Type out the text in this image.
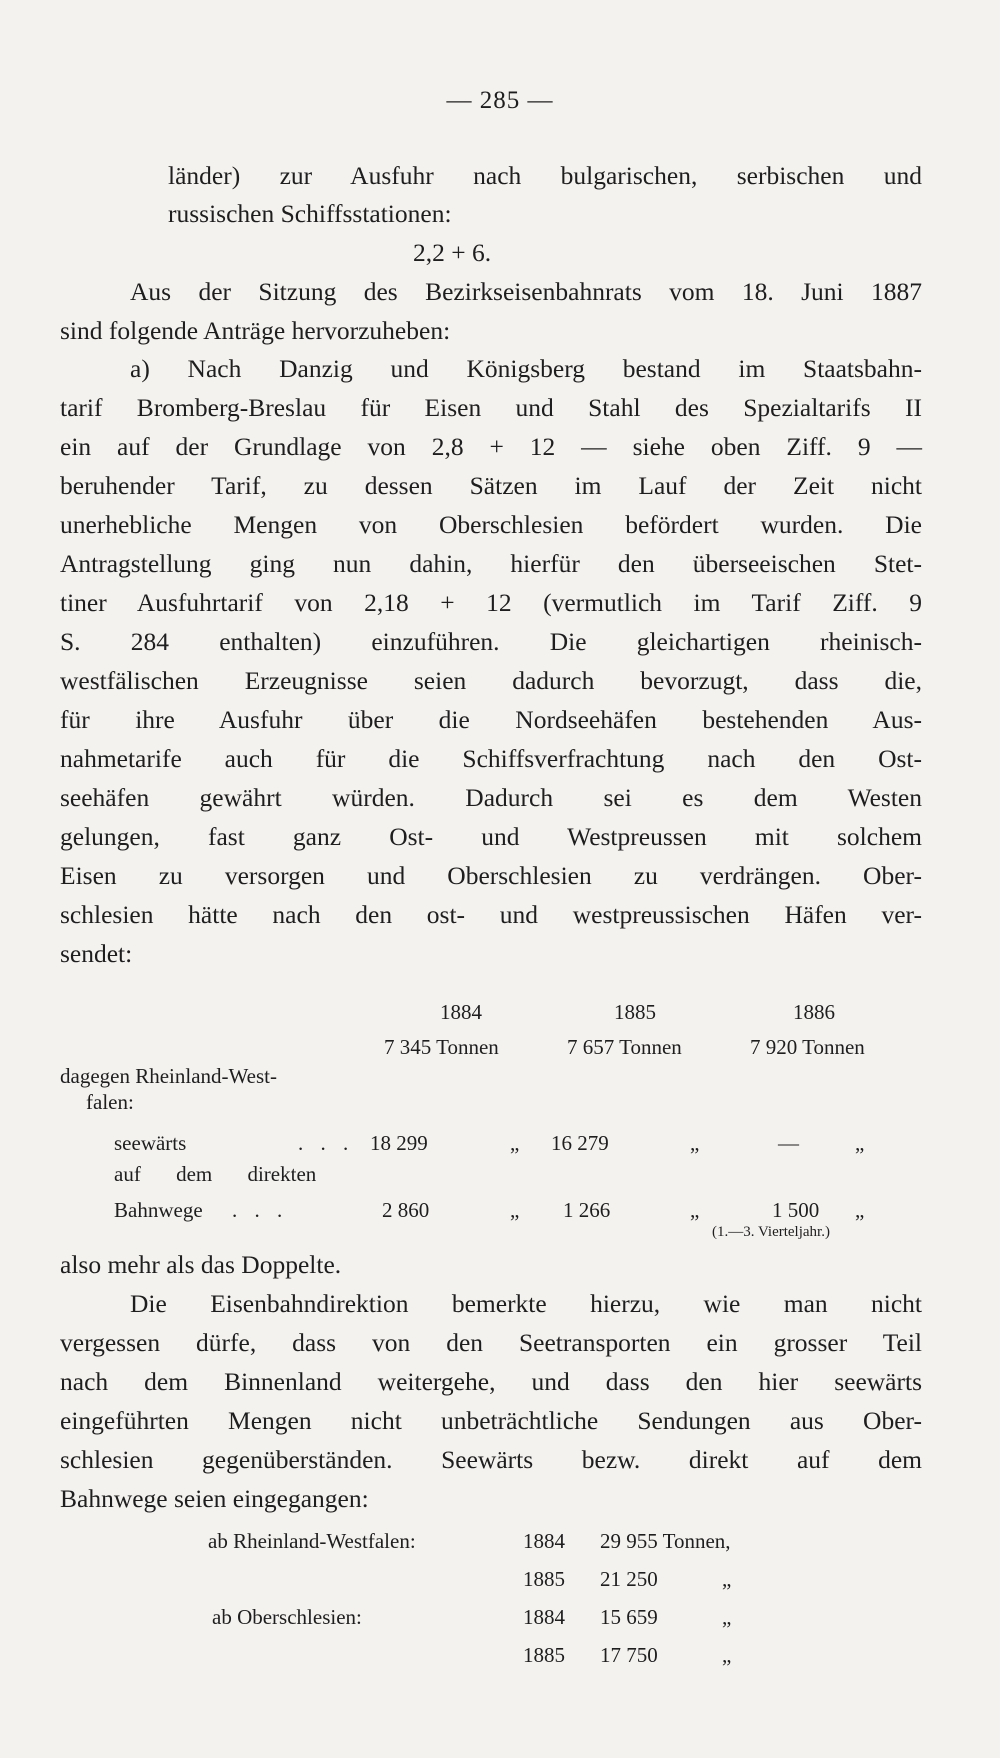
— 285 —
länder) zur Ausfuhr nach bulgarischen, serbischen und
russischen Schiffsstationen:
2,2 + 6.
Aus der Sitzung des Bezirkseisenbahnrats vom 18. Juni 1887
sind folgende Anträge hervorzuheben:
a) Nach Danzig und Königsberg bestand im Staatsbahn-
tarif Bromberg-Breslau für Eisen und Stahl des Spezialtarifs II
ein auf der Grundlage von 2,8 + 12 — siehe oben Ziff. 9 —
beruhender Tarif, zu dessen Sätzen im Lauf der Zeit nicht
unerhebliche Mengen von Oberschlesien befördert wurden. Die
Antragstellung ging nun dahin, hierfür den überseeischen Stet-
tiner Ausfuhrtarif von 2,18 + 12 (vermutlich im Tarif Ziff. 9
S. 284 enthalten) einzuführen. Die gleichartigen rheinisch-
westfälischen Erzeugnisse seien dadurch bevorzugt, dass die,
für ihre Ausfuhr über die Nordseehäfen bestehenden Aus-
nahmetarife auch für die Schiffsverfrachtung nach den Ost-
seehäfen gewährt würden. Dadurch sei es dem Westen
gelungen, fast ganz Ost- und Westpreussen mit solchem
Eisen zu versorgen und Oberschlesien zu verdrängen. Ober-
schlesien hätte nach den ost- und westpreussischen Häfen ver-
sendet:
1884	1885	1886
7 345 Tonnen	7 657 Tonnen	7 920 Tonnen
dagegen Rheinland-West-
falen:
seewärts	. . . 18 299	„ 16 279	„	—	„
auf dem direkten
Bahnwege . . .	2 860	„ 1 266	„	1 500 „
(1.—3. Vierteljahr.)
also mehr als das Doppelte.
Die Eisenbahndirektion bemerkte hierzu, wie man nicht
vergessen dürfe, dass von den Seetransporten ein grosser Teil
nach dem Binnenland weitergehe, und dass den hier seewärts
eingeführten Mengen nicht unbeträchtliche Sendungen aus Ober-
schlesien gegenüberständen. Seewärts bezw. direkt auf dem
Bahnwege seien eingegangen:
ab Rheinland-Westfalen:	1884 29 955 Tonnen,
1885 21 250	„
ab Oberschlesien:	1884 15 659	„
1885 17 750	„
